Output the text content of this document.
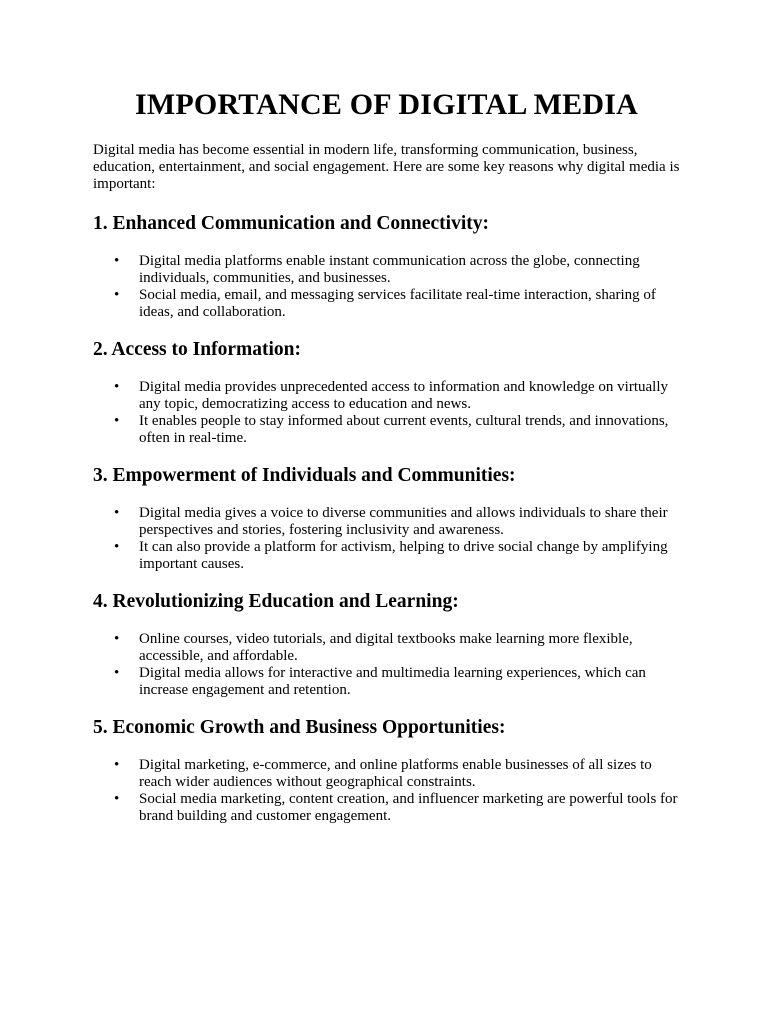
IMPORTANCE OF DIGITAL MEDIA

Digital media has become essential in modern life, transforming communication, business, education, entertainment, and social engagement. Here are some key reasons why digital media is important:

1. Enhanced Communication and Connectivity:
• Digital media platforms enable instant communication across the globe, connecting individuals, communities, and businesses.
• Social media, email, and messaging services facilitate real-time interaction, sharing of ideas, and collaboration.
2. Access to Information:
• Digital media provides unprecedented access to information and knowledge on virtually any topic, democratizing access to education and news.
• It enables people to stay informed about current events, cultural trends, and innovations, often in real-time.
3. Empowerment of Individuals and Communities:
• Digital media gives a voice to diverse communities and allows individuals to share their perspectives and stories, fostering inclusivity and awareness.
• It can also provide a platform for activism, helping to drive social change by amplifying important causes.
4. Revolutionizing Education and Learning:
• Online courses, video tutorials, and digital textbooks make learning more flexible, accessible, and affordable.
• Digital media allows for interactive and multimedia learning experiences, which can increase engagement and retention.
5. Economic Growth and Business Opportunities:
• Digital marketing, e-commerce, and online platforms enable businesses of all sizes to reach wider audiences without geographical constraints.
• Social media marketing, content creation, and influencer marketing are powerful tools for brand building and customer engagement.
